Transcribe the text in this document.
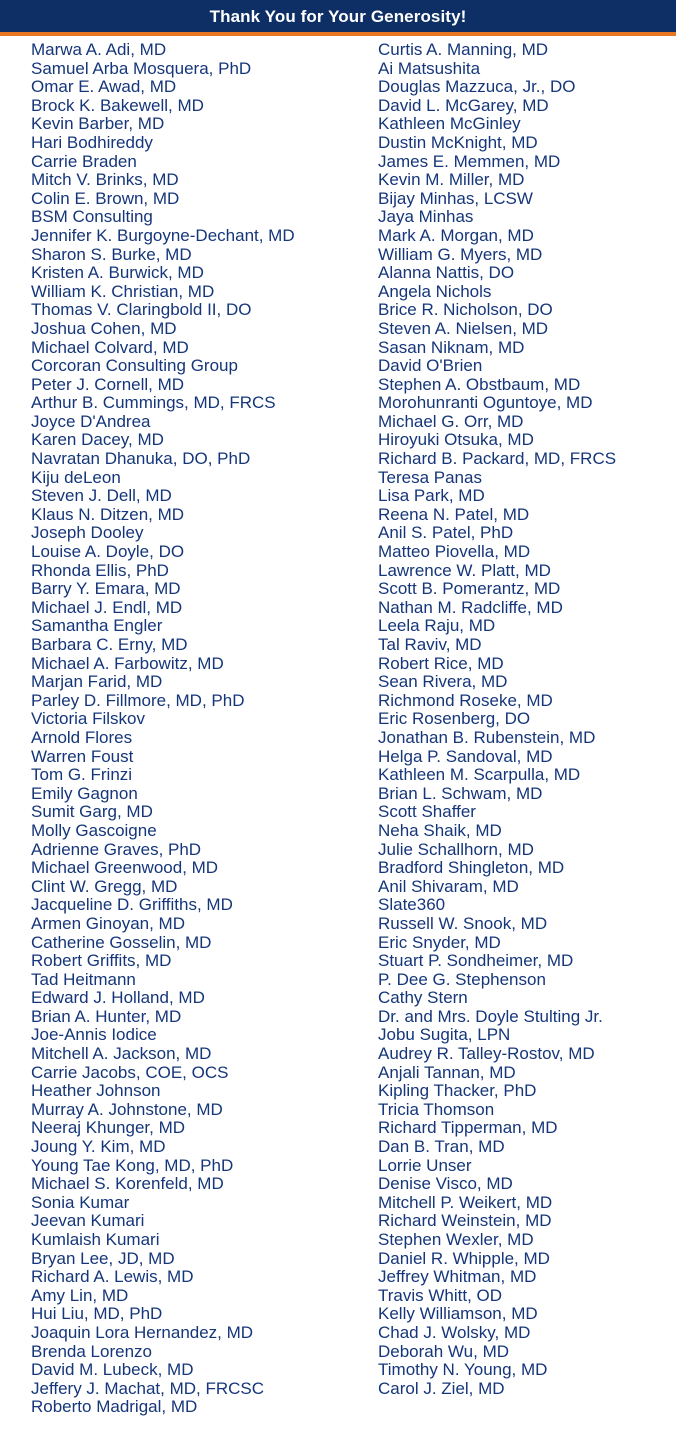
Thank You for Your Generosity!
Marwa A. Adi, MD
Samuel Arba Mosquera, PhD
Omar E. Awad, MD
Brock K. Bakewell, MD
Kevin Barber, MD
Hari Bodhireddy
Carrie Braden
Mitch V. Brinks, MD
Colin E. Brown, MD
BSM Consulting
Jennifer K. Burgoyne-Dechant, MD
Sharon S. Burke, MD
Kristen A. Burwick, MD
William K. Christian, MD
Thomas V. Claringbold II, DO
Joshua Cohen, MD
Michael Colvard, MD
Corcoran Consulting Group
Peter J. Cornell, MD
Arthur B. Cummings, MD, FRCS
Joyce D'Andrea
Karen Dacey, MD
Navratan Dhanuka, DO, PhD
Kiju deLeon
Steven J. Dell, MD
Klaus N. Ditzen, MD
Joseph Dooley
Louise A. Doyle, DO
Rhonda Ellis, PhD
Barry Y. Emara, MD
Michael J. Endl, MD
Samantha Engler
Barbara C. Erny, MD
Michael A. Farbowitz, MD
Marjan Farid, MD
Parley D. Fillmore, MD, PhD
Victoria Filskov
Arnold Flores
Warren Foust
Tom G. Frinzi
Emily Gagnon
Sumit Garg, MD
Molly Gascoigne
Adrienne Graves, PhD
Michael Greenwood, MD
Clint W. Gregg, MD
Jacqueline D. Griffiths, MD
Armen Ginoyan, MD
Catherine Gosselin, MD
Robert Griffits, MD
Tad Heitmann
Edward J. Holland, MD
Brian A. Hunter, MD
Joe-Annis Iodice
Mitchell A. Jackson, MD
Carrie Jacobs, COE, OCS
Heather Johnson
Murray A. Johnstone, MD
Neeraj Khunger, MD
Joung Y. Kim, MD
Young Tae Kong, MD, PhD
Michael S. Korenfeld, MD
Sonia Kumar
Jeevan Kumari
Kumlaish Kumari
Bryan Lee, JD, MD
Richard A. Lewis, MD
Amy Lin, MD
Hui Liu, MD, PhD
Joaquin Lora Hernandez, MD
Brenda Lorenzo
David M. Lubeck, MD
Jeffery J. Machat, MD, FRCSC
Roberto Madrigal, MD
Curtis A. Manning, MD
Ai Matsushita
Douglas Mazzuca, Jr., DO
David L. McGarey, MD
Kathleen McGinley
Dustin McKnight, MD
James E. Memmen, MD
Kevin M. Miller, MD
Bijay Minhas, LCSW
Jaya Minhas
Mark A. Morgan, MD
William G. Myers, MD
Alanna Nattis, DO
Angela Nichols
Brice R. Nicholson, DO
Steven A. Nielsen, MD
Sasan Niknam, MD
David O'Brien
Stephen A. Obstbaum, MD
Morohunranti Oguntoye, MD
Michael G. Orr, MD
Hiroyuki Otsuka, MD
Richard B. Packard, MD, FRCS
Teresa Panas
Lisa Park, MD
Reena N. Patel, MD
Anil S. Patel, PhD
Matteo Piovella, MD
Lawrence W. Platt, MD
Scott B. Pomerantz, MD
Nathan M. Radcliffe, MD
Leela Raju, MD
Tal Raviv, MD
Robert Rice, MD
Sean Rivera, MD
Richmond Roseke, MD
Eric Rosenberg, DO
Jonathan B. Rubenstein, MD
Helga P. Sandoval, MD
Kathleen M. Scarpulla, MD
Brian L. Schwam, MD
Scott Shaffer
Neha Shaik, MD
Julie Schallhorn, MD
Bradford Shingleton, MD
Anil Shivaram, MD
Slate360
Russell W. Snook, MD
Eric Snyder, MD
Stuart P. Sondheimer, MD
P. Dee G. Stephenson
Cathy Stern
Dr. and Mrs. Doyle Stulting Jr.
Jobu Sugita, LPN
Audrey R. Talley-Rostov, MD
Anjali Tannan, MD
Kipling Thacker, PhD
Tricia Thomson
Richard Tipperman, MD
Dan B. Tran, MD
Lorrie Unser
Denise Visco, MD
Mitchell P. Weikert, MD
Richard Weinstein, MD
Stephen Wexler, MD
Daniel R. Whipple, MD
Jeffrey Whitman, MD
Travis Whitt, OD
Kelly Williamson, MD
Chad J. Wolsky, MD
Deborah Wu, MD
Timothy N. Young, MD
Carol J. Ziel, MD
